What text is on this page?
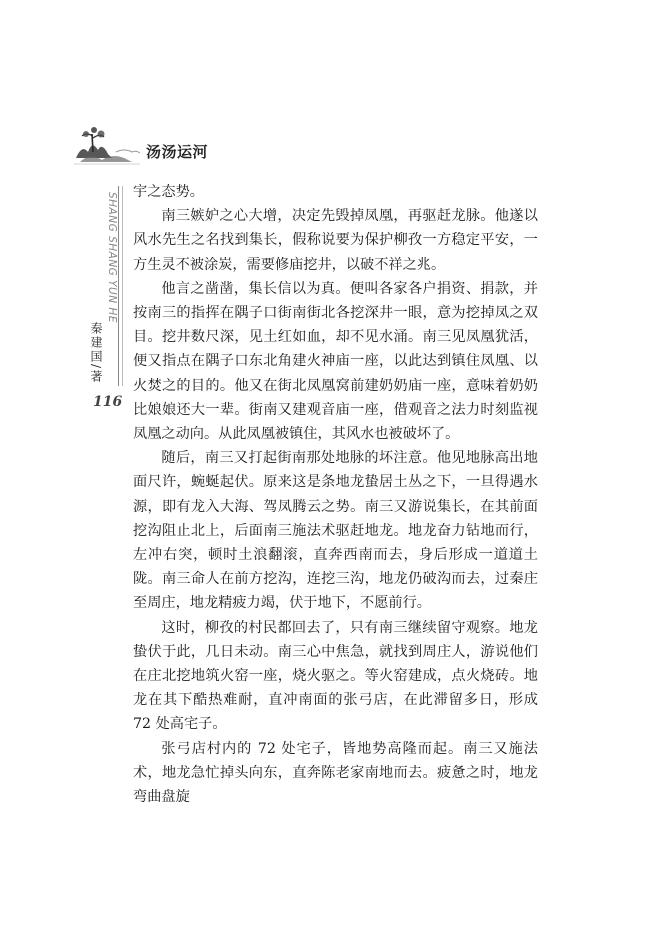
汤汤运河
SHANG SHANG YUN HE
秦建国/著
116

宇之态势。

南三嫉妒之心大增，决定先毁掉凤凰，再驱赶龙脉。他遂以风水先生之名找到集长，假称说要为保护柳孜一方稳定平安，一方生灵不被涂炭，需要修庙挖井，以破不祥之兆。

他言之凿凿，集长信以为真。便叫各家各户捐资、捐款，并按南三的指挥在隅子口街南街北各挖深井一眼，意为挖掉凤之双目。挖井数尺深，见土红如血，却不见水涌。南三见凤凰犹活，便又指点在隅子口东北角建火神庙一座，以此达到镇住凤凰、以火焚之的目的。他又在街北凤凰窝前建奶奶庙一座，意味着奶奶比娘娘还大一辈。街南又建观音庙一座，借观音之法力时刻监视凤凰之动向。从此凤凰被镇住，其风水也被破坏了。

随后，南三又打起街南那处地脉的坏注意。他见地脉高出地面尺许，蜿蜒起伏。原来这是条地龙蛰居土丛之下，一旦得遇水源，即有龙入大海、驾凤腾云之势。南三又游说集长，在其前面挖沟阻止北上，后面南三施法术驱赶地龙。地龙奋力钻地而行，左冲右突，顿时土浪翻滚，直奔西南而去，身后形成一道道土陇。南三命人在前方挖沟，连挖三沟，地龙仍破沟而去，过秦庄至周庄，地龙精疲力竭，伏于地下，不愿前行。

这时，柳孜的村民都回去了，只有南三继续留守观察。地龙蛰伏于此，几日未动。南三心中焦急，就找到周庄人，游说他们在庄北挖地筑火窑一座，烧火驱之。等火窑建成，点火烧砖。地龙在其下酷热难耐，直冲南面的张弓店，在此滞留多日，形成 72 处高宅子。

张弓店村内的 72 处宅子，皆地势高隆而起。南三又施法术，地龙急忙掉头向东，直奔陈老家南地而去。疲惫之时，地龙弯曲盘旋
